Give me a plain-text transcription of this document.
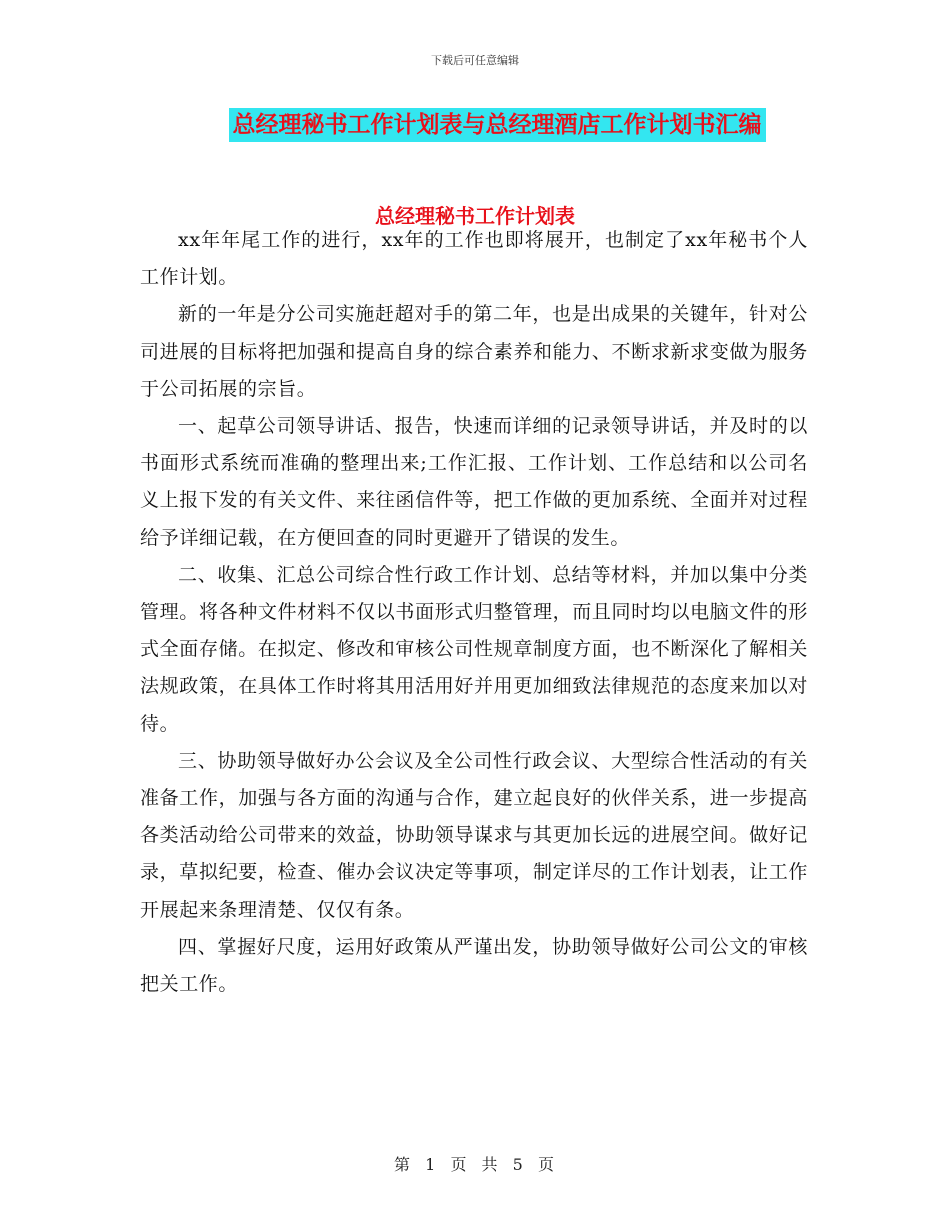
下载后可任意编辑
总经理秘书工作计划表与总经理酒店工作计划书汇编
总经理秘书工作计划表

xx年年尾工作的进行，xx年的工作也即将展开，也制定了xx年秘书个人工作计划。

新的一年是分公司实施赶超对手的第二年，也是出成果的关键年，针对公司进展的目标将把加强和提高自身的综合素养和能力、不断求新求变做为服务于公司拓展的宗旨。

一、起草公司领导讲话、报告，快速而详细的记录领导讲话，并及时的以书面形式系统而准确的整理出来;工作汇报、工作计划、工作总结和以公司名义上报下发的有关文件、来往函信件等，把工作做的更加系统、全面并对过程给予详细记载，在方便回查的同时更避开了错误的发生。

二、收集、汇总公司综合性行政工作计划、总结等材料，并加以集中分类管理。将各种文件材料不仅以书面形式归整管理，而且同时均以电脑文件的形式全面存储。在拟定、修改和审核公司性规章制度方面，也不断深化了解相关法规政策，在具体工作时将其用活用好并用更加细致法律规范的态度来加以对待。

三、协助领导做好办公会议及全公司性行政会议、大型综合性活动的有关准备工作，加强与各方面的沟通与合作，建立起良好的伙伴关系，进一步提高各类活动给公司带来的效益，协助领导谋求与其更加长远的进展空间。做好记录，草拟纪要，检查、催办会议决定等事项，制定详尽的工作计划表，让工作开展起来条理清楚、仅仅有条。

四、掌握好尺度，运用好政策从严谨出发，协助领导做好公司公文的审核把关工作。

第 1 页 共 5 页
